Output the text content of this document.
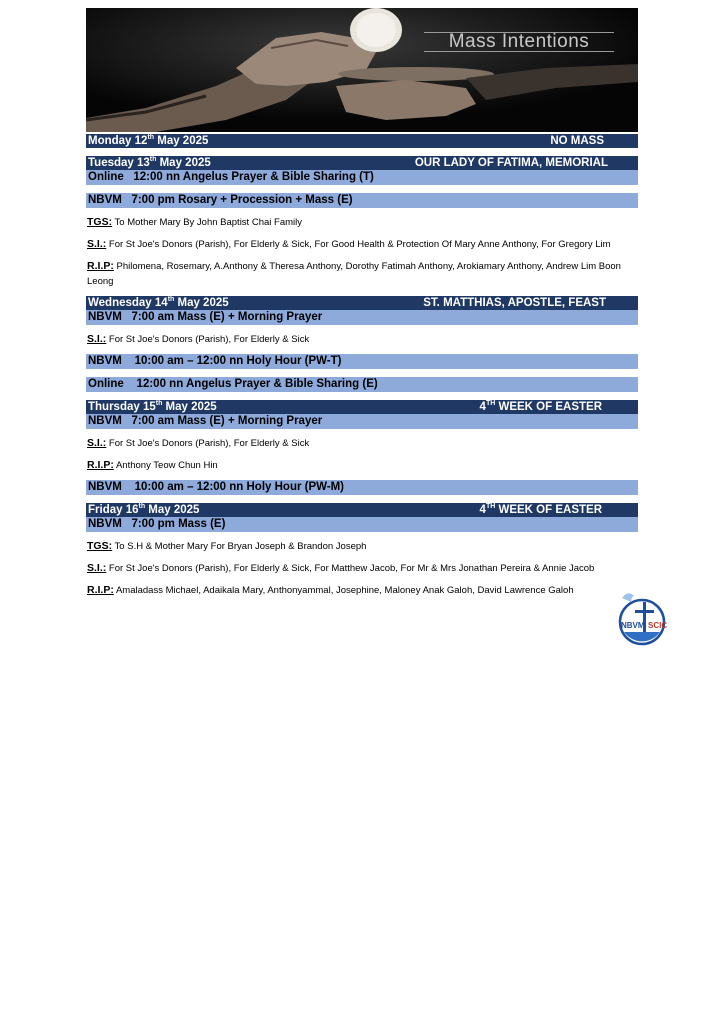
Mass Intentions
Monday 12th May 2025	NO MASS
Tuesday 13th May 2025	OUR LADY OF FATIMA, MEMORIAL
Online   12:00 nn Angelus Prayer & Bible Sharing (T)
NBVM   7:00 pm Rosary + Procession + Mass (E)

TGS: To Mother Mary By John Baptist Chai Family

S.I.: For St Joe's Donors (Parish), For Elderly & Sick, For Good Health & Protection Of Mary Anne Anthony, For Gregory Lim

R.I.P: Philomena, Rosemary, A.Anthony & Theresa Anthony, Dorothy Fatimah Anthony, Arokiamary Anthony, Andrew Lim Boon Leong

Wednesday 14th May 2025	ST. MATTHIAS, APOSTLE, FEAST
NBVM   7:00 am Mass (E) + Morning Prayer

S.I.: For St Joe's Donors (Parish), For Elderly & Sick

NBVM    10:00 am – 12:00 nn Holy Hour (PW-T)
Online    12:00 nn Angelus Prayer & Bible Sharing (E)
Thursday 15th May 2025	4TH WEEK OF EASTER
NBVM   7:00 am Mass (E) + Morning Prayer

S.I.: For St Joe's Donors (Parish), For Elderly & Sick

R.I.P: Anthony Teow Chun Hin

NBVM    10:00 am – 12:00 nn Holy Hour (PW-M)
Friday 16th May 2025	4TH WEEK OF EASTER
NBVM   7:00 pm Mass (E)

TGS: To S.H & Mother Mary For Bryan Joseph & Brandon Joseph

S.I.: For St Joe's Donors (Parish), For Elderly & Sick, For Matthew Jacob, For Mr & Mrs Jonathan Pereira & Annie Jacob

R.I.P: Amaladass Michael, Adaikala Mary, Anthonyammal, Josephine, Maloney Anak Galoh, David Lawrence Galoh

NBVM SCIC
